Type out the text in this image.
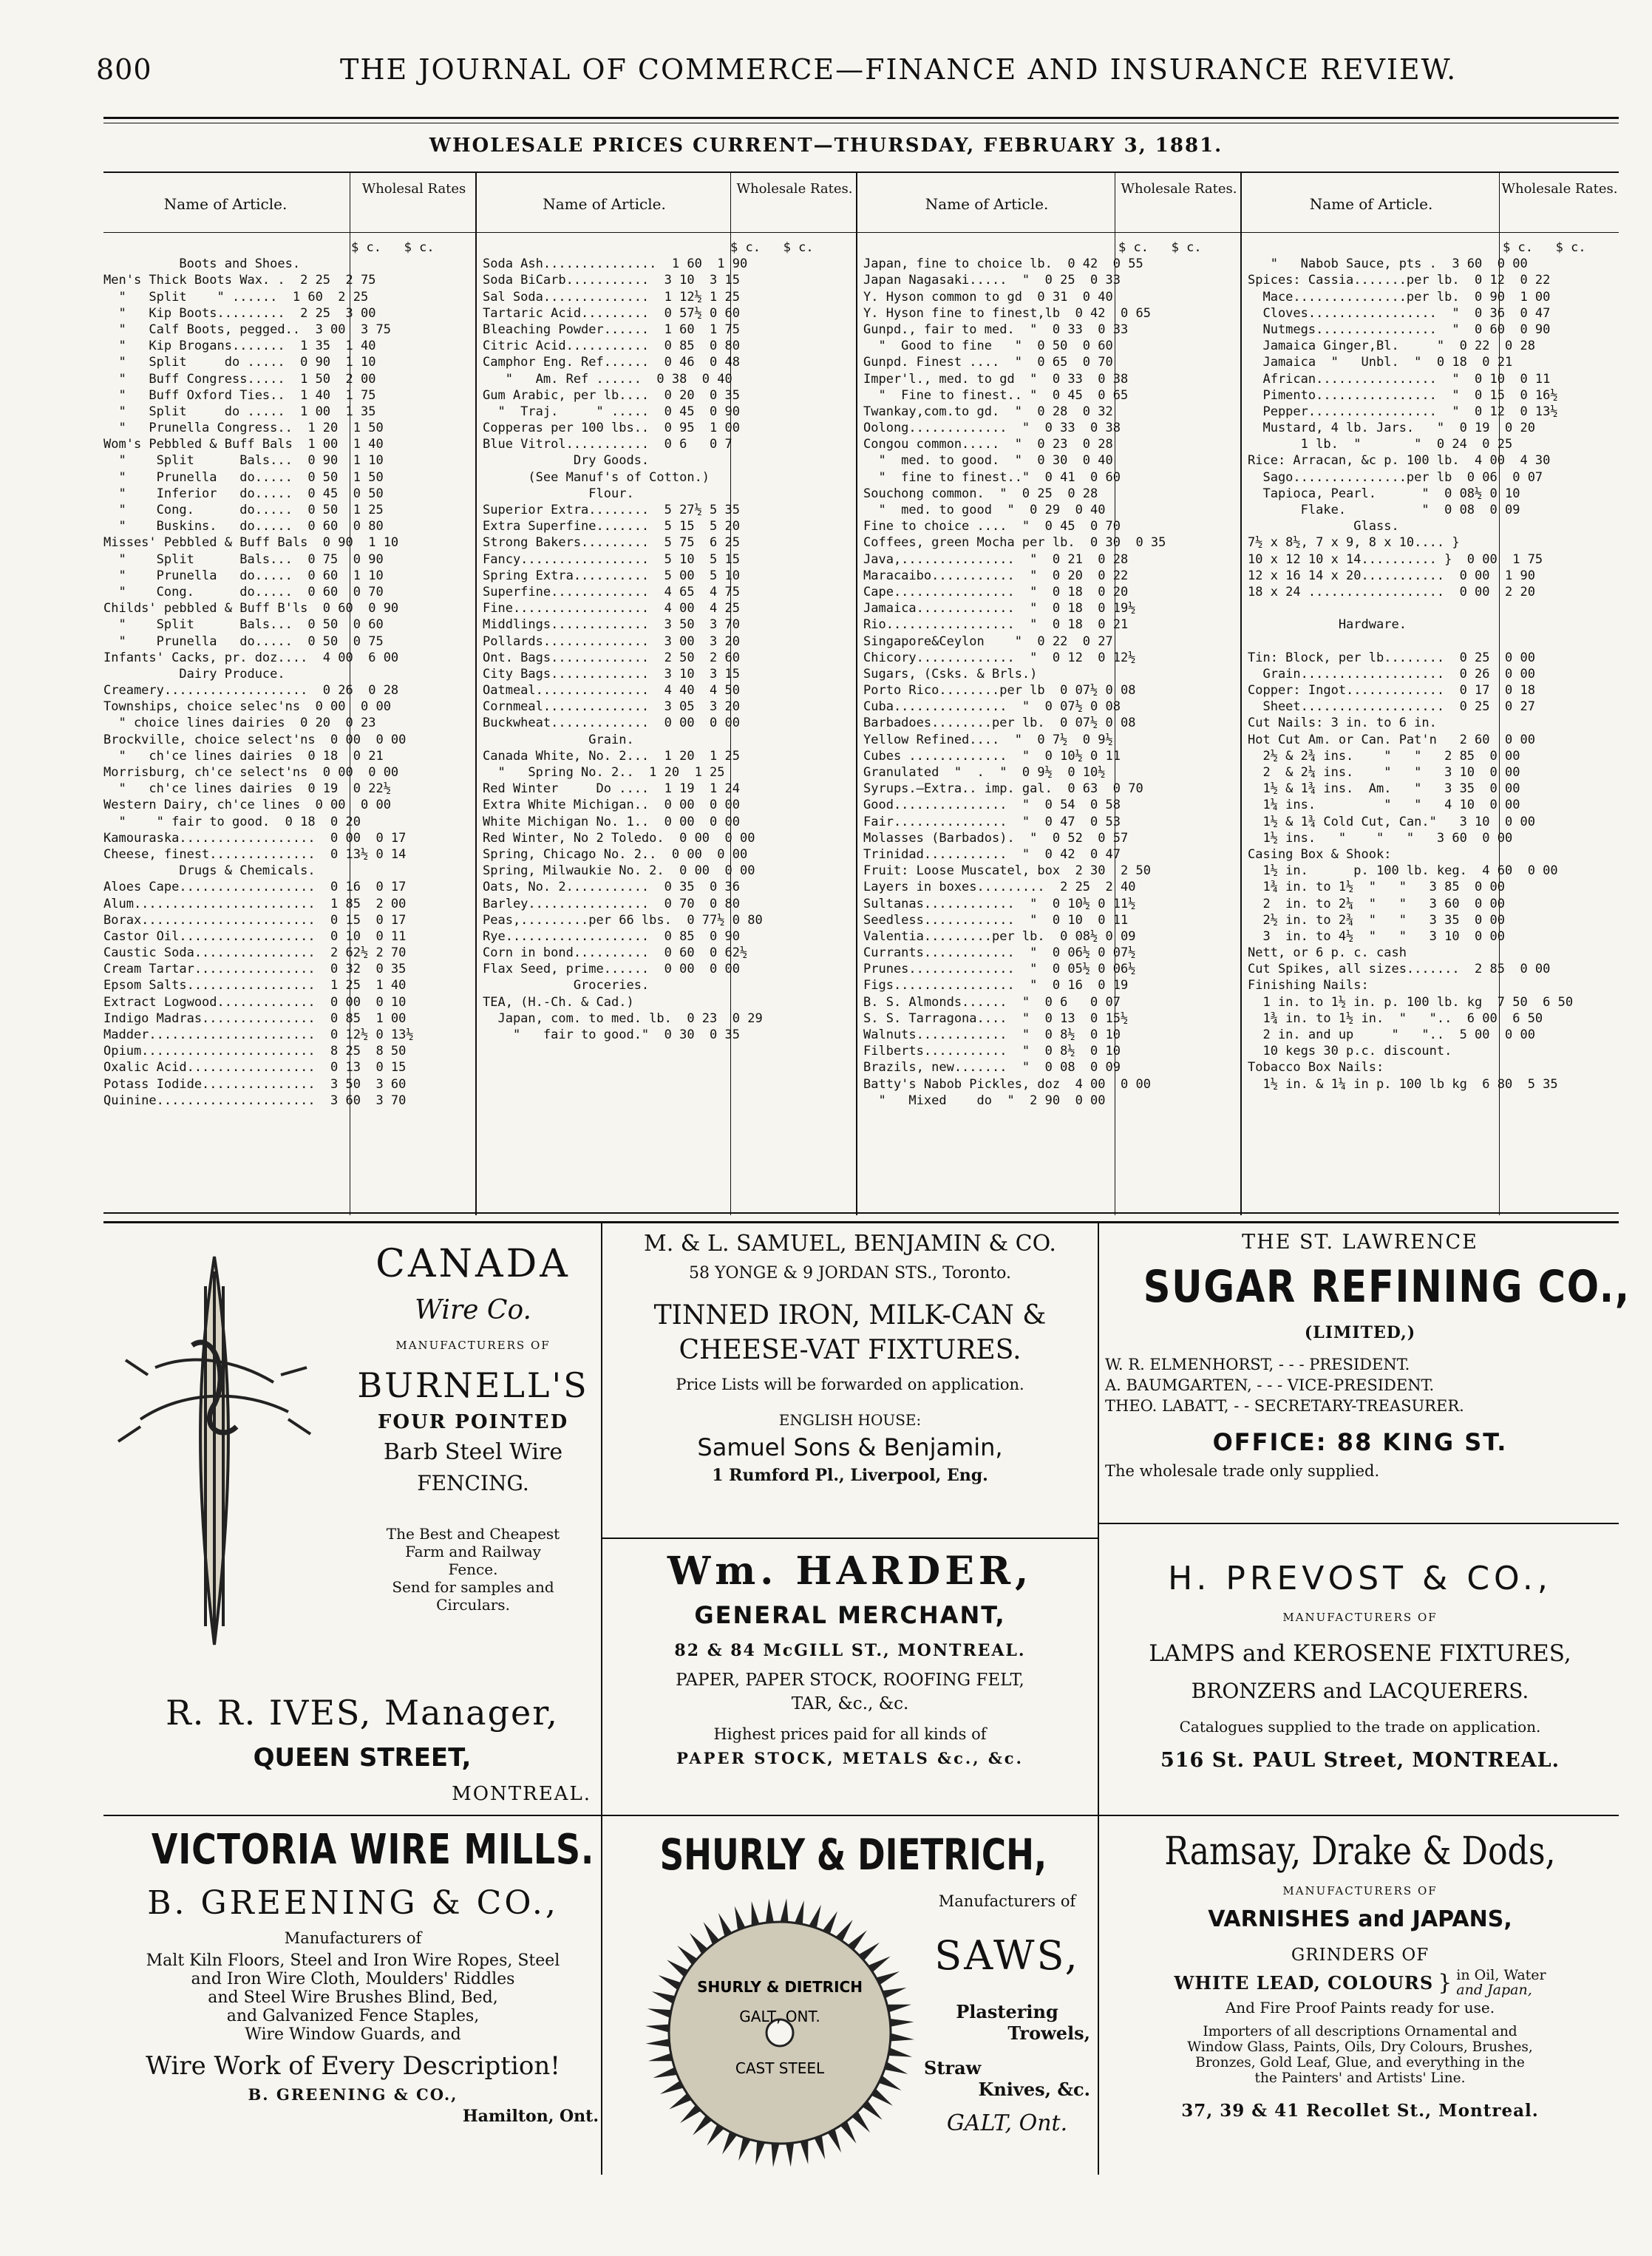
800	THE JOURNAL OF COMMERCE—FINANCE AND INSURANCE REVIEW.
WHOLESALE PRICES CURRENT—THURSDAY, FEBRUARY 3, 1881.
Name of Article.
Wholesal Rates
$ c.   $ c.
Boots and Shoes.
Men's Thick Boots Wax. .  2 25  2 75
"   Split    " ......  1 60  2 25
"   Kip Boots.........  2 25  3 00
"   Calf Boots, pegged..  3 00  3 75
"   Kip Brogans.......  1 35  1 40
"   Split     do .....  0 90  1 10
"   Buff Congress.....  1 50  2 00
"   Buff Oxford Ties..  1 40  1 75
"   Split     do .....  1 00  1 35
"   Prunella Congress..  1 20  1 50
Wom's Pebbled & Buff Bals  1 00  1 40
"    Split      Bals...  0 90  1 10
"    Prunella   do.....  0 50  1 50
"    Inferior   do.....  0 45  0 50
"    Cong.      do.....  0 50  1 25
"    Buskins.   do.....  0 60  0 80
Misses' Pebbled & Buff Bals  0 90  1 10
"    Split      Bals...  0 75  0 90
"    Prunella   do.....  0 60  1 10
"    Cong.      do.....  0 60  0 70
Childs' pebbled & Buff B'ls  0 60  0 90
"    Split      Bals...  0 50  0 60
"    Prunella   do.....  0 50  0 75
Infants' Cacks, pr. doz....  4 00  6 00
Dairy Produce.
Creamery...................  0 26  0 28
Townships, choice selec'ns  0 00  0 00
" choice lines dairies  0 20  0 23
Brockville, choice select'ns  0 00  0 00
"   ch'ce lines dairies  0 18  0 21
Morrisburg, ch'ce select'ns  0 00  0 00
"   ch'ce lines dairies  0 19  0 22½
Western Dairy, ch'ce lines  0 00  0 00
"    " fair to good.  0 18  0 20
Kamouraska..................  0 00  0 17
Cheese, finest..............  0 13½ 0 14
Drugs & Chemicals.
Aloes Cape..................  0 16  0 17
Alum........................  1 85  2 00
Borax.......................  0 15  0 17
Castor Oil..................  0 10  0 11
Caustic Soda................  2 62½ 2 70
Cream Tartar................  0 32  0 35
Epsom Salts.................  1 25  1 40
Extract Logwood.............  0 00  0 10
Indigo Madras...............  0 85  1 00
Madder......................  0 12½ 0 13½
Opium.......................  8 25  8 50
Oxalic Acid.................  0 13  0 15
Potass Iodide...............  3 50  3 60
Quinine.....................  3 60  3 70
Name of Article.
Wholesale Rates.
$ c.   $ c.
Soda Ash...............  1 60  1 90
Soda BiCarb...........  3 10  3 15
Sal Soda..............  1 12½ 1 25
Tartaric Acid.........  0 57½ 0 60
Bleaching Powder......  1 60  1 75
Citric Acid...........  0 85  0 80
Camphor Eng. Ref......  0 46  0 48
"   Am. Ref ......  0 38  0 40
Gum Arabic, per lb....  0 20  0 35
"  Traj.     " .....  0 45  0 90
Copperas per 100 lbs..  0 95  1 00
Blue Vitrol...........  0 6   0 7
Dry Goods.
(See Manuf's of Cotton.)
Flour.
Superior Extra........  5 27½ 5 35
Extra Superfine.......  5 15  5 20
Strong Bakers.........  5 75  6 25
Fancy.................  5 10  5 15
Spring Extra..........  5 00  5 10
Superfine.............  4 65  4 75
Fine..................  4 00  4 25
Middlings.............  3 50  3 70
Pollards..............  3 00  3 20
Ont. Bags.............  2 50  2 60
City Bags.............  3 10  3 15
Oatmeal...............  4 40  4 50
Cornmeal..............  3 05  3 20
Buckwheat.............  0 00  0 00
Grain.
Canada White, No. 2...  1 20  1 25
"   Spring No. 2..  1 20  1 25
Red Winter     Do ....  1 19  1 24
Extra White Michigan..  0 00  0 00
White Michigan No. 1..  0 00  0 00
Red Winter, No 2 Toledo.  0 00  0 00
Spring, Chicago No. 2..  0 00  0 00
Spring, Milwaukie No. 2.  0 00  0 00
Oats, No. 2...........  0 35  0 36
Barley................  0 70  0 80
Peas,.........per 66 lbs.  0 77½ 0 80
Rye...................  0 85  0 90
Corn in bond..........  0 60  0 62½
Flax Seed, prime......  0 00  0 00
Groceries.
TEA, (H.-Ch. & Cad.)
Japan, com. to med. lb.  0 23  0 29
"   fair to good."  0 30  0 35
Name of Article.
Wholesale Rates.
$ c.   $ c.
Japan, fine to choice lb.  0 42  0 55
Japan Nagasaki.....  "  0 25  0 33
Y. Hyson common to gd  0 31  0 40
Y. Hyson fine to finest,lb  0 42  0 65
Gunpd., fair to med.  "  0 33  0 33
"  Good to fine   "  0 50  0 60
Gunpd. Finest ....  "  0 65  0 70
Imper'l., med. to gd  "  0 33  0 38
"  Fine to finest.. "  0 45  0 65
Twankay,com.to gd.  "  0 28  0 32
Oolong.............  "  0 33  0 38
Congou common.....  "  0 23  0 28
"  med. to good.  "  0 30  0 40
"  fine to finest.."  0 41  0 60
Souchong common.  "  0 25  0 28
"  med. to good  "  0 29  0 40
Fine to choice ....  "  0 45  0 70
Coffees, green Mocha per lb.  0 30  0 35
Java,...............  "  0 21  0 28
Maracaibo...........  "  0 20  0 22
Cape................  "  0 18  0 20
Jamaica.............  "  0 18  0 19½
Rio.................  "  0 18  0 21
Singapore&Ceylon    "  0 22  0 27
Chicory.............  "  0 12  0 12½
Sugars, (Csks. & Brls.)
Porto Rico........per lb  0 07½ 0 08
Cuba...............  "  0 07½ 0 08
Barbadoes........per lb.  0 07½ 0 08
Yellow Refined....  "  0 7½  0 9½
Cubes .............  "  0 10½ 0 11
Granulated  "  .  "  0 9½  0 10½
Syrups.—Extra.. imp. gal.  0 63  0 70
Good...............  "  0 54  0 58
Fair...............  "  0 47  0 53
Molasses (Barbados).  "  0 52  0 57
Trinidad...........  "  0 42  0 47
Fruit: Loose Muscatel, box  2 30  2 50
Layers in boxes.........  2 25  2 40
Sultanas............  "  0 10½ 0 11½
Seedless............  "  0 10  0 11
Valentia.........per lb.  0 08½ 0 09
Currants............  "  0 06½ 0 07½
Prunes..............  "  0 05½ 0 06½
Figs................  "  0 16  0 19
B. S. Almonds......  "  0 6   0 07
S. S. Tarragona....  "  0 13  0 15½
Walnuts............  "  0 8½  0 10
Filberts...........  "  0 8½  0 10
Brazils, new.......  "  0 08  0 09
Batty's Nabob Pickles, doz  4 00  0 00
"   Mixed    do  "  2 90  0 00
Name of Article.
Wholesale Rates.
$ c.   $ c.
"   Nabob Sauce, pts .  3 60  0 00
Spices: Cassia.......per lb.  0 12  0 22
Mace...............per lb.  0 90  1 00
Cloves.................  "  0 36  0 47
Nutmegs................  "  0 60  0 90
Jamaica Ginger,Bl.     "  0 22  0 28
Jamaica  "   Unbl.  "  0 18  0 21
African................  "  0 10  0 11
Pimento................  "  0 15  0 16½
Pepper.................  "  0 12  0 13½
Mustard, 4 lb. Jars.   "  0 19  0 20
1 lb.  "       "  0 24  0 25
Rice: Arracan, &c p. 100 lb.  4 00  4 30
Sago...............per lb  0 06  0 07
Tapioca, Pearl.      "  0 08½ 0 10
Flake.          "  0 08  0 09
Glass.
7½ x 8½, 7 x 9, 8 x 10.... }
10 x 12 10 x 14.......... }  0 00  1 75
12 x 16 14 x 20...........  0 00  1 90
18 x 24 ..................  0 00  2 20
Hardware.
Tin: Block, per lb........  0 25  0 00
Grain...................  0 26  0 00
Copper: Ingot.............  0 17  0 18
Sheet...................  0 25  0 27
Cut Nails: 3 in. to 6 in.
Hot Cut Am. or Can. Pat'n   2 60  0 00
2½ & 2¾ ins.    "   "   2 85  0 00
2  & 2¼ ins.    "   "   3 10  0 00
1½ & 1¾ ins.  Am.   "   3 35  0 00
1¼ ins.         "   "   4 10  0 00
1½ & 1¾ Cold Cut, Can."   3 10  0 00
1½ ins.   "    "   "   3 60  0 00
Casing Box & Shook:
1½ in.      p. 100 lb. keg.  4 60  0 00
1¾ in. to 1½  "   "   3 85  0 00
2  in. to 2¼  "   "   3 60  0 00
2½ in. to 2¾  "   "   3 35  0 00
3  in. to 4½  "   "   3 10  0 00
Nett, or 6 p. c. cash
Cut Spikes, all sizes.......  2 85  0 00
Finishing Nails:
1 in. to 1½ in. p. 100 lb. kg  7 50  6 50
1¾ in. to 1½ in.  "   "..  6 00  6 50
2 in. and up     "   "..  5 00  0 00
10 kegs 30 p.c. discount.
Tobacco Box Nails:
1½ in. & 1¼ in p. 100 lb kg  6 80  5 35
CANADA
Wire Co.
MANUFACTURERS OF
BURNELL'S
FOUR POINTED
Barb Steel Wire
FENCING.
The Best and Cheapest
Farm and Railway
Fence.
Send for samples and
Circulars.
R. R. IVES, Manager,
QUEEN STREET,
MONTREAL.
M. & L. SAMUEL, BENJAMIN & CO.
58 YONGE & 9 JORDAN STS., Toronto.
TINNED IRON, MILK-CAN &
CHEESE-VAT FIXTURES.
Price Lists will be forwarded on application.
ENGLISH HOUSE:
Samuel Sons & Benjamin,
1 Rumford Pl., Liverpool, Eng.
Wm. HARDER,
GENERAL MERCHANT,
82 & 84 McGILL ST., MONTREAL.
PAPER, PAPER STOCK, ROOFING FELT,
TAR, &c., &c.
Highest prices paid for all kinds of
PAPER STOCK, METALS &c., &c.
THE ST. LAWRENCE
SUGAR REFINING CO.,
(LIMITED,)
W. R. ELMENHORST, - - - PRESIDENT.
A. BAUMGARTEN, - - - VICE-PRESIDENT.
THEO. LABATT, - - SECRETARY-TREASURER.
OFFICE: 88 KING ST.
The wholesale trade only supplied.
H. PREVOST & CO.,
MANUFACTURERS OF
LAMPS and KEROSENE FIXTURES,
BRONZERS and LACQUERERS.
Catalogues supplied to the trade on application.
516 St. PAUL Street, MONTREAL.
VICTORIA WIRE MILLS.
B. GREENING & CO.,
Manufacturers of
Malt Kiln Floors, Steel and Iron Wire Ropes, Steel
and Iron Wire Cloth, Moulders' Riddles
and Steel Wire Brushes Blind, Bed,
and Galvanized Fence Staples,
Wire Window Guards, and
Wire Work of Every Description!
B. GREENING & CO.,
Hamilton, Ont.
SHURLY & DIETRICH,
SHURLY & DIETRICH
GALT, ONT.
CAST STEEL
Manufacturers of
SAWS,
Plastering
Trowels,
Straw
Knives, &c.
GALT, Ont.
Ramsay, Drake & Dods,
MANUFACTURERS OF
VARNISHES and JAPANS,
GRINDERS OF
WHITE LEAD, COLOURS } in Oil, Water
and Japan,
And Fire Proof Paints ready for use.
Importers of all descriptions Ornamental and
Window Glass, Paints, Oils, Dry Colours, Brushes,
Bronzes, Gold Leaf, Glue, and everything in the
the Painters' and Artists' Line.
37, 39 & 41 Recollet St., Montreal.
